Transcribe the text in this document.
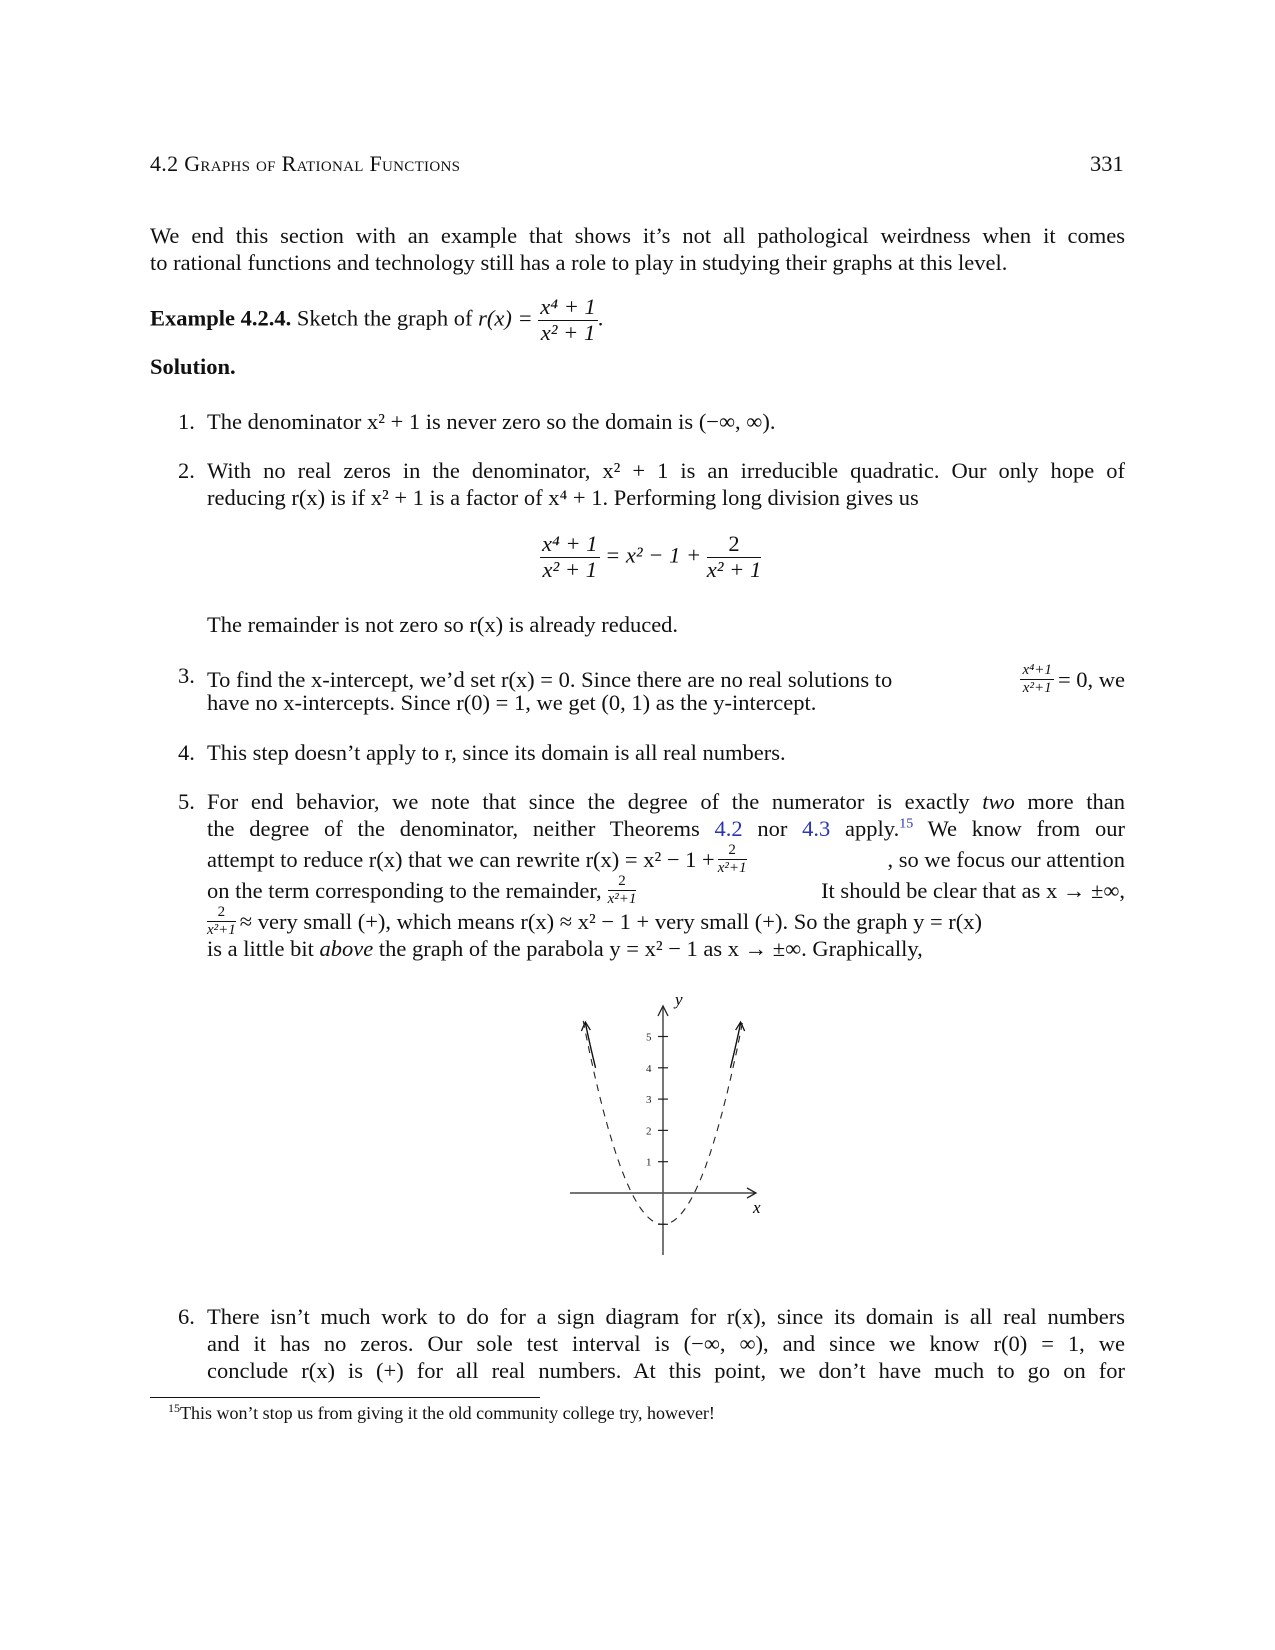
4.2 Graphs of Rational Functions	331
We end this section with an example that shows it’s not all pathological weirdness when it comes
to rational functions and technology still has a role to play in studying their graphs at this level.
Example 4.2.4. Sketch the graph of $r(x) = \frac{\text{x⁴ + 1}}{\text{x² + 1}}$ .
Solution.
1. The denominator x² + 1 is never zero so the domain is (−∞, ∞).
2. With no real zeros in the denominator, x² + 1 is an irreducible quadratic. Our only hope of
reducing r(x) is if x² + 1 is a factor of x⁴ + 1. Performing long division gives us
$\frac{\text{x⁴ + 1}}{\text{x² + 1}} = x^2 - 1 + \frac{2}{\text{x² + 1}}$
The remainder is not zero so r(x) is already reduced.
3. To find the x-intercept, we’d set r(x) = 0. Since there are no real solutions to	$\frac{\text{x⁴+1}}{\text{x²+1}} = 0$, we
have no x-intercepts. Since r(0) = 1, we get (0, 1) as the y-intercept.
4. This step doesn’t apply to r, since its domain is all real numbers.
5. For end behavior, we note that since the degree of the numerator is exactly two more than
the degree of the denominator, neither Theorems 4.2 nor 4.3 apply.$^{15}$ We know from our
attempt to reduce r(x) that we can rewrite $r(x) = x^2 - 1 + \frac{2}{\text{x²+1}}$	, so we focus our attention
on the term corresponding to the remainder, $\frac{2}{\text{x²+1}}$	It should be clear that as x → ±∞,
$\frac{2}{\text{x²+1}}$ ≈ very small (+), which means r(x) ≈ x² − 1 + very small (+). So the graph y = r(x)
is a little bit above the graph of the parabola y = x² − 1 as x → ±∞. Graphically,
1
2
3
4
5
x
y
6. There isn’t much work to do for a sign diagram for r(x), since its domain is all real numbers
and it has no zeros. Our sole test interval is (−∞, ∞), and since we know r(0) = 1, we
conclude r(x) is (+) for all real numbers. At this point, we don’t have much to go on for
$^{15}$This won’t stop us from giving it the old community college try, however!
